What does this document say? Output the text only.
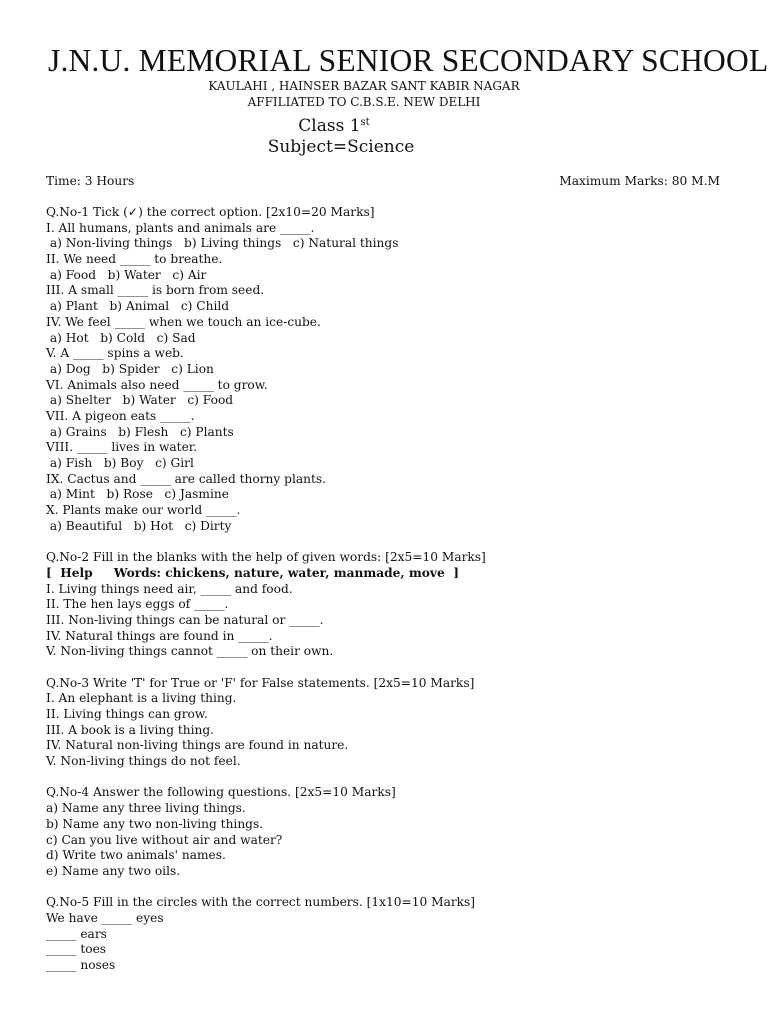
J.N.U. MEMORIAL SENIOR SECONDARY SCHOOL
KAULAHI , HAINSER BAZAR SANT KABIR NAGAR
AFFILIATED TO C.B.S.E. NEW DELHI
Class 1st
Subject=Science
Time: 3 Hours	Maximum Marks: 80 M.M
Q.No-1 Tick (✓) the correct option. [2x10=20 Marks]
I. All humans, plants and animals are _____.
a) Non-living things   b) Living things   c) Natural things
II. We need _____ to breathe.
a) Food   b) Water   c) Air
III. A small _____ is born from seed.
a) Plant   b) Animal   c) Child
IV. We feel _____ when we touch an ice-cube.
a) Hot   b) Cold   c) Sad
V. A _____ spins a web.
a) Dog   b) Spider   c) Lion
VI. Animals also need _____ to grow.
a) Shelter   b) Water   c) Food
VII. A pigeon eats _____.
a) Grains   b) Flesh   c) Plants
VIII. _____ lives in water.
a) Fish   b) Boy   c) Girl
IX. Cactus and _____ are called thorny plants.
a) Mint   b) Rose   c) Jasmine
X. Plants make our world _____.
a) Beautiful   b) Hot   c) Dirty
Q.No-2 Fill in the blanks with the help of given words: [2x5=10 Marks]
[  Help     Words: chickens, nature, water, manmade, move  ]
I. Living things need air, _____ and food.
II. The hen lays eggs of _____.
III. Non-living things can be natural or _____.
IV. Natural things are found in _____.
V. Non-living things cannot _____ on their own.
Q.No-3 Write 'T' for True or 'F' for False statements. [2x5=10 Marks]
I. An elephant is a living thing.
II. Living things can grow.
III. A book is a living thing.
IV. Natural non-living things are found in nature.
V. Non-living things do not feel.
Q.No-4 Answer the following questions. [2x5=10 Marks]
a) Name any three living things.
b) Name any two non-living things.
c) Can you live without air and water?
d) Write two animals' names.
e) Name any two oils.
Q.No-5 Fill in the circles with the correct numbers. [1x10=10 Marks]
We have _____ eyes
_____ ears
_____ toes
_____ noses
